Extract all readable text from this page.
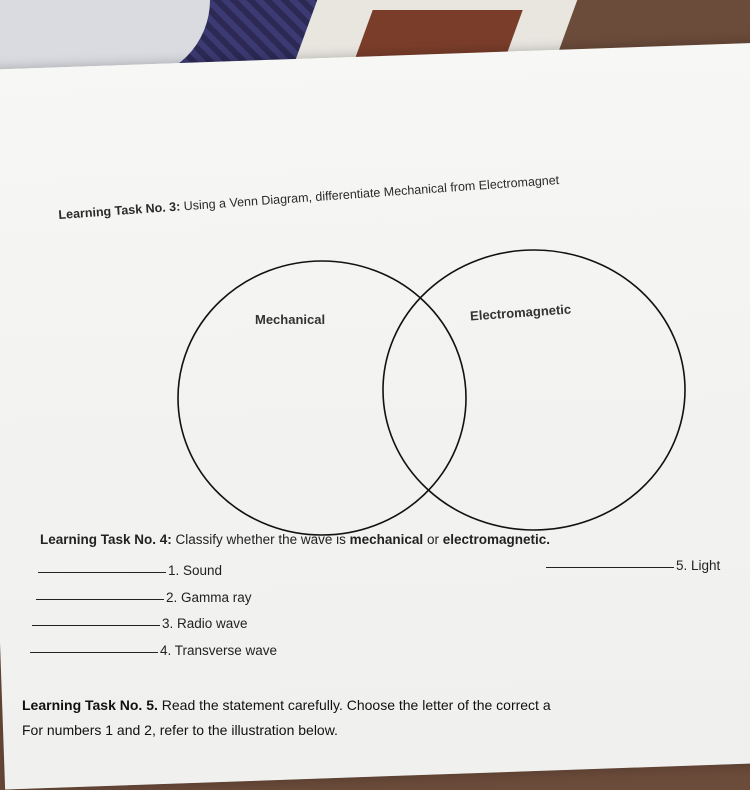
Learning Task No. 3: Using a Venn Diagram, differentiate Mechanical from Electromagnet
Mechanical	Electromagnetic
Learning Task No. 4: Classify whether the wave is mechanical or electromagnetic.
1. Sound
2. Gamma ray
3. Radio wave
4. Transverse wave
5. Light
Learning Task No. 5. Read the statement carefully. Choose the letter of the correct a
For numbers 1 and 2, refer to the illustration below.
